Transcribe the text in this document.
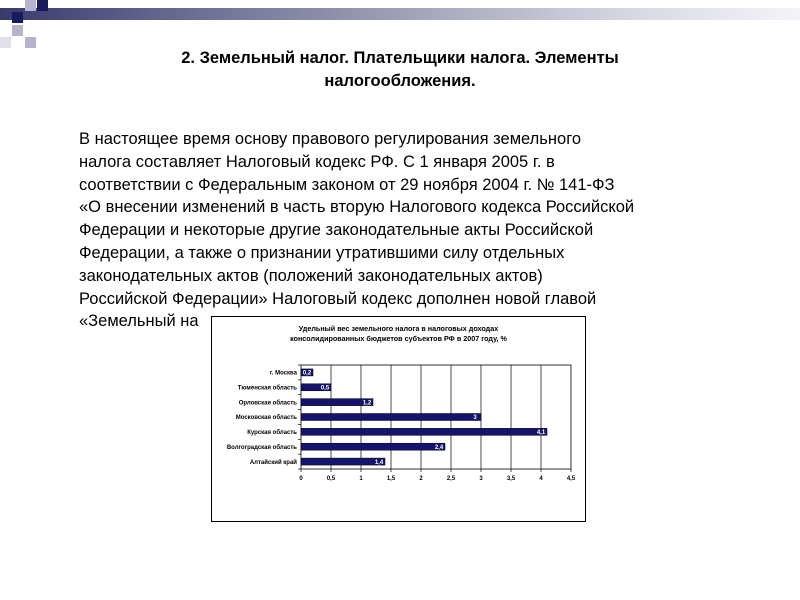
2. Земельный налог. Плательщики налога. Элементы
налогообложения.

В настоящее время основу правового регулирования земельного

налога составляет Налоговый кодекс РФ. С 1 января 2005 г. в

соответствии с Федеральным законом от 29 ноября 2004 г. № 141-ФЗ

«О внесении изменений в часть вторую Налогового кодекса Российской

Федерации и некоторые другие законодательные акты Российской

Федерации, а также о признании утратившими силу отдельных

законодательных актов (положений законодательных актов)

Российской Федерации» Налоговый кодекс дополнен новой главой

«Земельный на	Удельный вес земельного налога в налоговых доходах
консолидированных бюджетов субъектов РФ в 2007 году, %
0	0,5	1	1,5	2	2,5	3	3,5	4	4,5
г. Москва 0,2
Тюменская область	0,5
Орловская область	1,2
Московская область	3
Курская область	4,1
Волгоградская область	2,4
Алтайский край	1,4
